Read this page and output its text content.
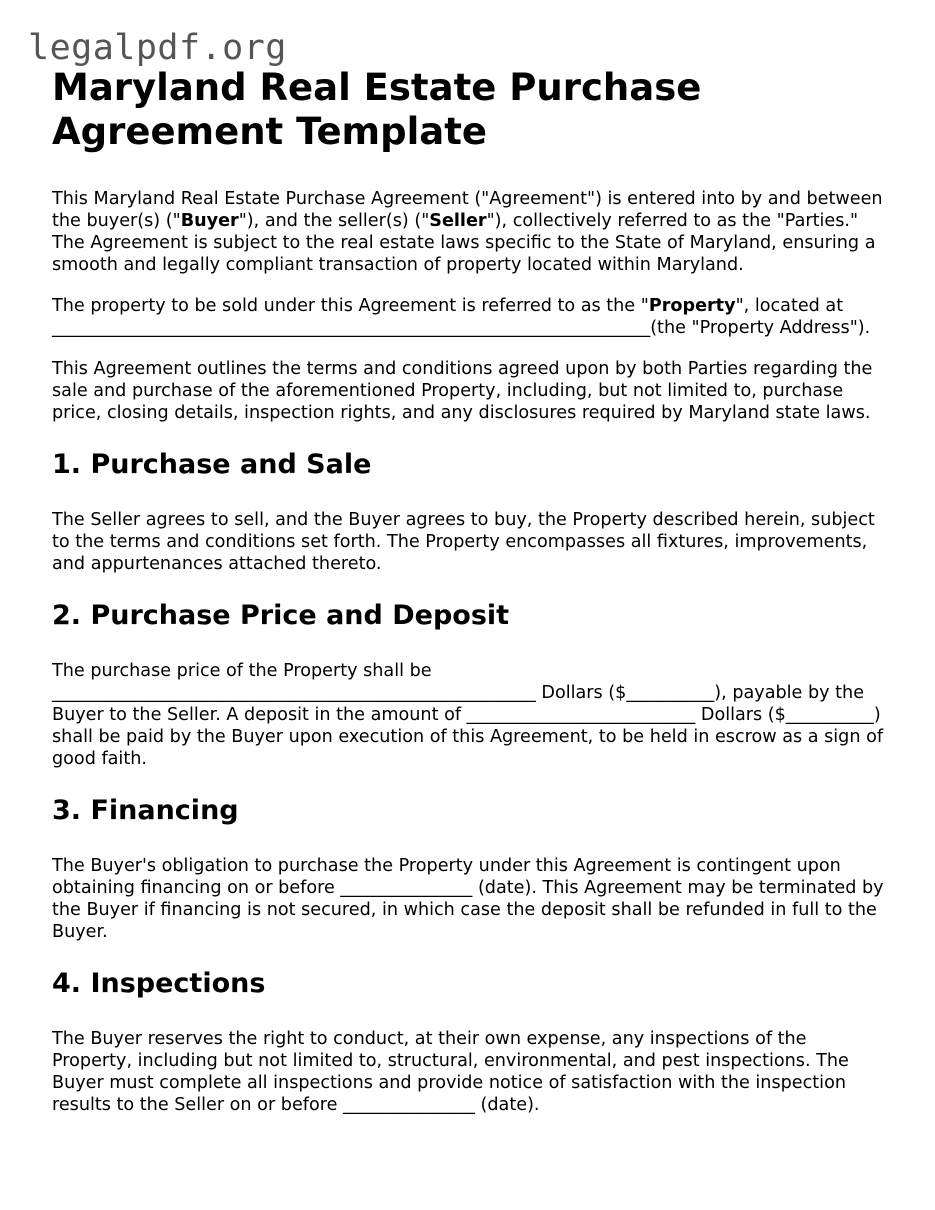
legalpdf.org
Maryland Real Estate Purchase Agreement Template

This Maryland Real Estate Purchase Agreement ("Agreement") is entered into by and between the buyer(s) ("Buyer"), and the seller(s) ("Seller"), collectively referred to as the "Parties." The Agreement is subject to the real estate laws specific to the State of Maryland, ensuring a smooth and legally compliant transaction of property located within Maryland.

The property to be sold under this Agreement is referred to as the "Property", located at ____________________________________________________________________(the "Property Address").

This Agreement outlines the terms and conditions agreed upon by both Parties regarding the sale and purchase of the aforementioned Property, including, but not limited to, purchase price, closing details, inspection rights, and any disclosures required by Maryland state laws.

1. Purchase and Sale

The Seller agrees to sell, and the Buyer agrees to buy, the Property described herein, subject to the terms and conditions set forth. The Property encompasses all fixtures, improvements, and appurtenances attached thereto.

2. Purchase Price and Deposit

The purchase price of the Property shall be _______________________________________________________ Dollars ($__________), payable by the Buyer to the Seller. A deposit in the amount of __________________________ Dollars ($__________) shall be paid by the Buyer upon execution of this Agreement, to be held in escrow as a sign of good faith.

3. Financing

The Buyer's obligation to purchase the Property under this Agreement is contingent upon obtaining financing on or before _______________ (date). This Agreement may be terminated by the Buyer if financing is not secured, in which case the deposit shall be refunded in full to the Buyer.

4. Inspections

The Buyer reserves the right to conduct, at their own expense, any inspections of the Property, including but not limited to, structural, environmental, and pest inspections. The Buyer must complete all inspections and provide notice of satisfaction with the inspection results to the Seller on or before _______________ (date).
